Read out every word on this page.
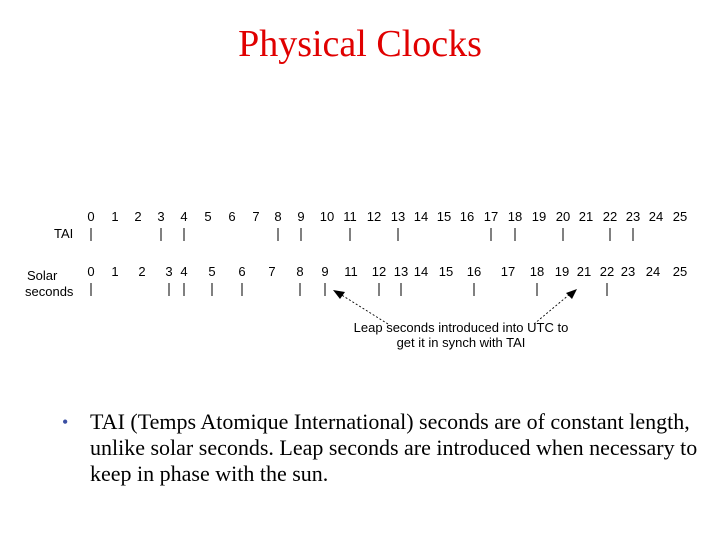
Physical Clocks
TAI
0 1 2 3 4 5 6 7 8 9 10 11 12 13 14 15 16 17 18 19 20 21 22 23 24 25
Solar
seconds
0 1 2 3 4 5 6 7 8 9 11 12 13 14 15 16 17 18 19 21 22 23 24 25
Leap seconds introduced into UTC to
get it in synch with TAI
• TAI (Temps Atomique International) seconds are of constant length, unlike solar seconds. Leap seconds are introduced when necessary to keep in phase with the sun.
